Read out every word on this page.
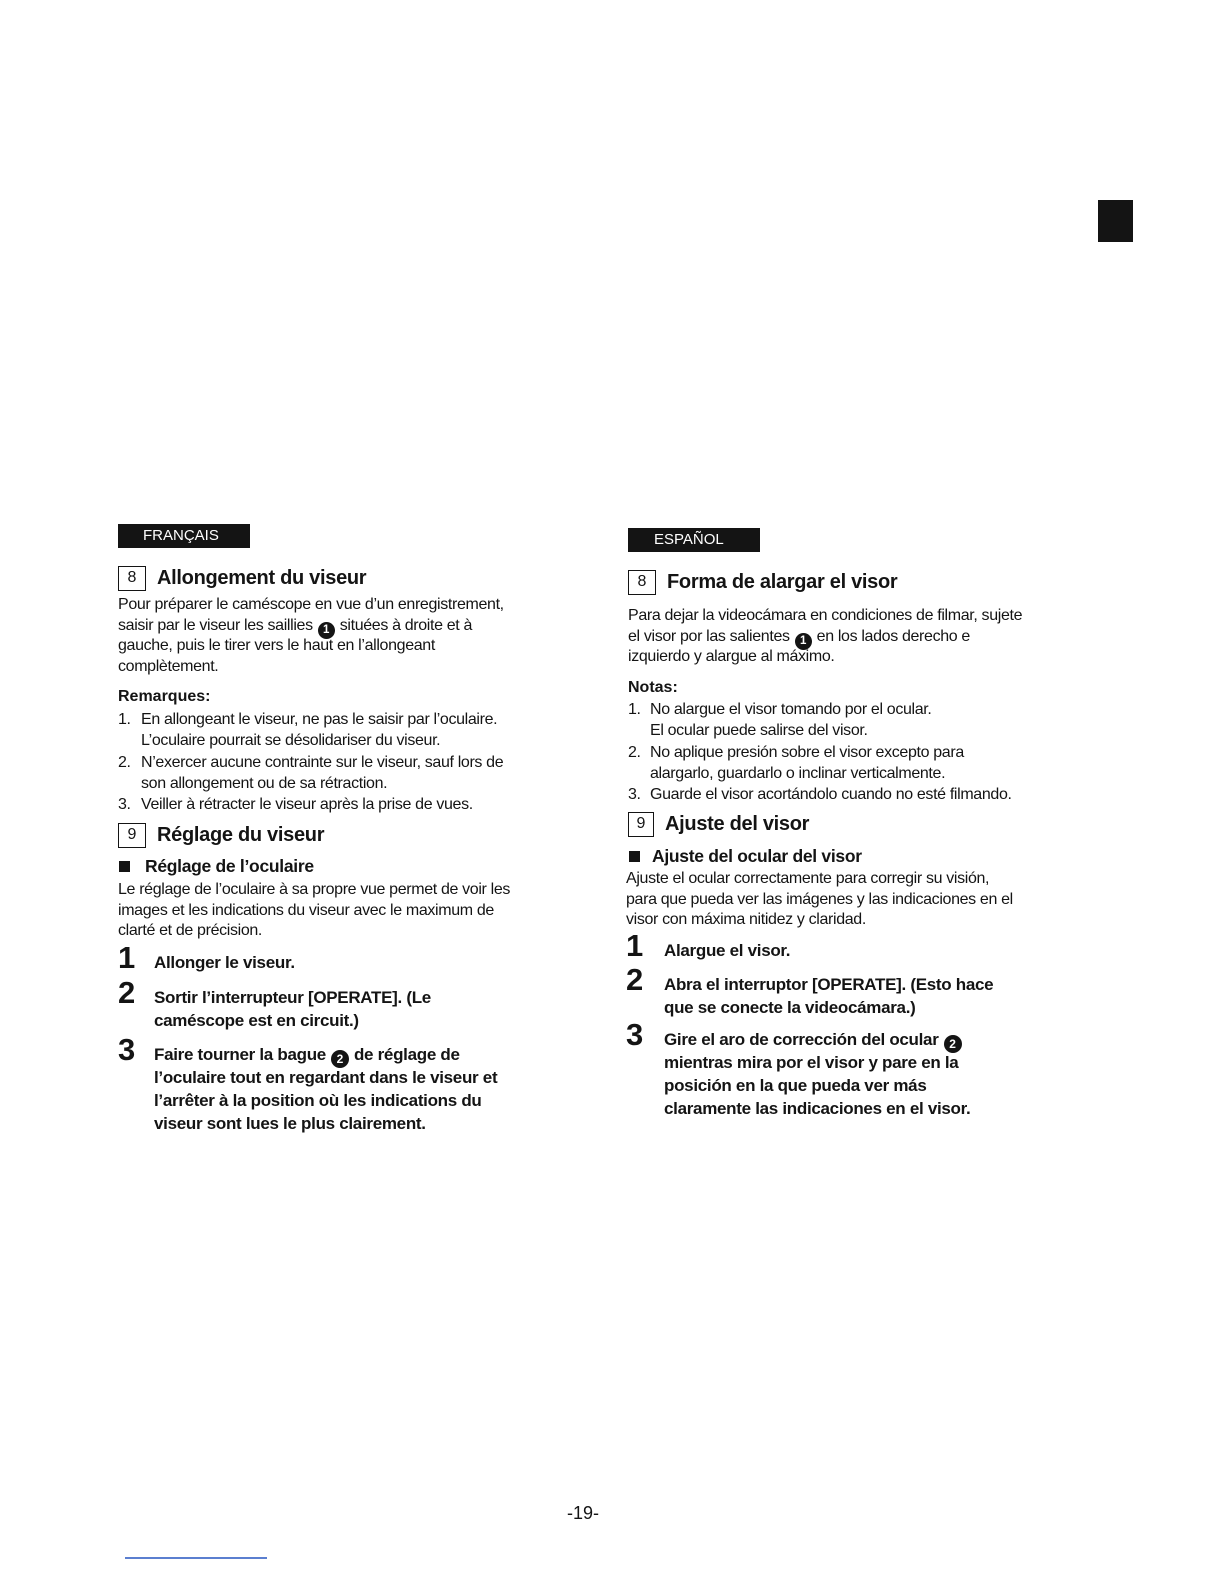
FRANÇAIS
8	Allongement du viseur
Pour préparer le caméscope en vue d’un enregistrement,
saisir par le viseur les saillies 1 situées à droite et à
gauche, puis le tirer vers le haut en l’allongeant
complètement.
Remarques:
1. En allongeant le viseur, ne pas le saisir par l’oculaire.
L’oculaire pourrait se désolidariser du viseur.
2. N’exercer aucune contrainte sur le viseur, sauf lors de
son allongement ou de sa rétraction.
3. Veiller à rétracter le viseur après la prise de vues.
9	Réglage du viseur
Réglage de l’oculaire
Le réglage de l’oculaire à sa propre vue permet de voir les
images et les indications du viseur avec le maximum de
clarté et de précision.
1	Allonger le viseur.
2	Sortir l’interrupteur [OPERATE]. (Le
caméscope est en circuit.)
3	Faire tourner la bague 2 de réglage de
l’oculaire tout en regardant dans le viseur et
l’arrêter à la position où les indications du
viseur sont lues le plus clairement.
ESPAÑOL
8	Forma de alargar el visor
Para dejar la videocámara en condiciones de filmar, sujete
el visor por las salientes 1 en los lados derecho e
izquierdo y alargue al máximo.
Notas:
1. No alargue el visor tomando por el ocular.
El ocular puede salirse del visor.
2. No aplique presión sobre el visor excepto para
alargarlo, guardarlo o inclinar verticalmente.
3. Guarde el visor acortándolo cuando no esté filmando.
9 Ajuste del visor
Ajuste del ocular del visor
Ajuste el ocular correctamente para corregir su visión,
para que pueda ver las imágenes y las indicaciones en el
visor con máxima nitidez y claridad.
1	Alargue el visor.
2	Abra el interruptor [OPERATE]. (Esto hace
que se conecte la videocámara.)
3	Gire el aro de corrección del ocular 2
mientras mira por el visor y pare en la
posición en la que pueda ver más
claramente las indicaciones en el visor.
-19-
